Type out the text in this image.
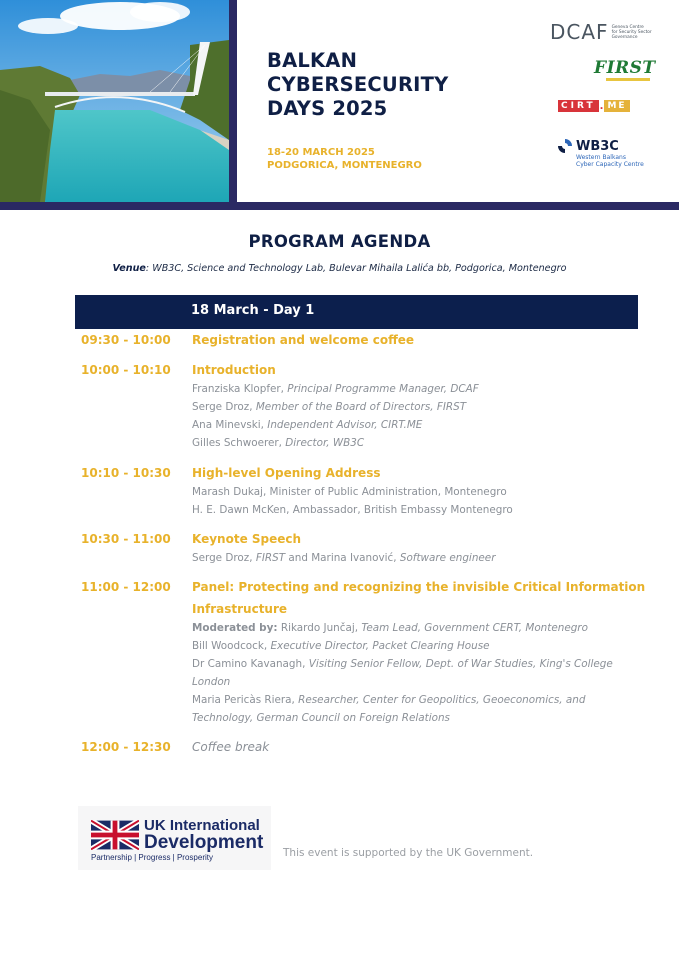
BALKAN
CYBERSECURITY
DAYS 2025
18-20 MARCH 2025
PODGORICA, MONTENEGRO
DCAF Geneva Centre
for Security Sector
Governance
FIRST
CIRT . ME
WB3C
Western Balkans
Cyber Capacity Centre
PROGRAM AGENDA
Venue: WB3C, Science and Technology Lab, Bulevar Mihaila Lalića bb, Podgorica, Montenegro
18 March - Day 1
09:30 - 10:00 Registration and welcome coffee
10:00 - 10:10 Introduction
Franziska Klopfer, Principal Programme Manager, DCAF
Serge Droz, Member of the Board of Directors, FIRST
Ana Minevski, Independent Advisor, CIRT.ME
Gilles Schwoerer, Director, WB3C
10:10 - 10:30 High-level Opening Address
Marash Dukaj, Minister of Public Administration, Montenegro
H. E. Dawn McKen, Ambassador, British Embassy Montenegro
10:30 - 11:00 Keynote Speech
Serge Droz, FIRST and Marina Ivanović, Software engineer
11:00 - 12:00 Panel: Protecting and recognizing the invisible Critical Information
Infrastructure
Moderated by: Rikardo Junčaj, Team Lead, Government CERT, Montenegro
Bill Woodcock, Executive Director, Packet Clearing House
Dr Camino Kavanagh, Visiting Senior Fellow, Dept. of War Studies, King's College
London
Maria Pericàs Riera, Researcher, Center for Geopolitics, Geoeconomics, and
Technology, German Council on Foreign Relations
12:00 - 12:30 Coffee break
UK International
Development
Partnership | Progress | Prosperity	This event is supported by the UK Government.
